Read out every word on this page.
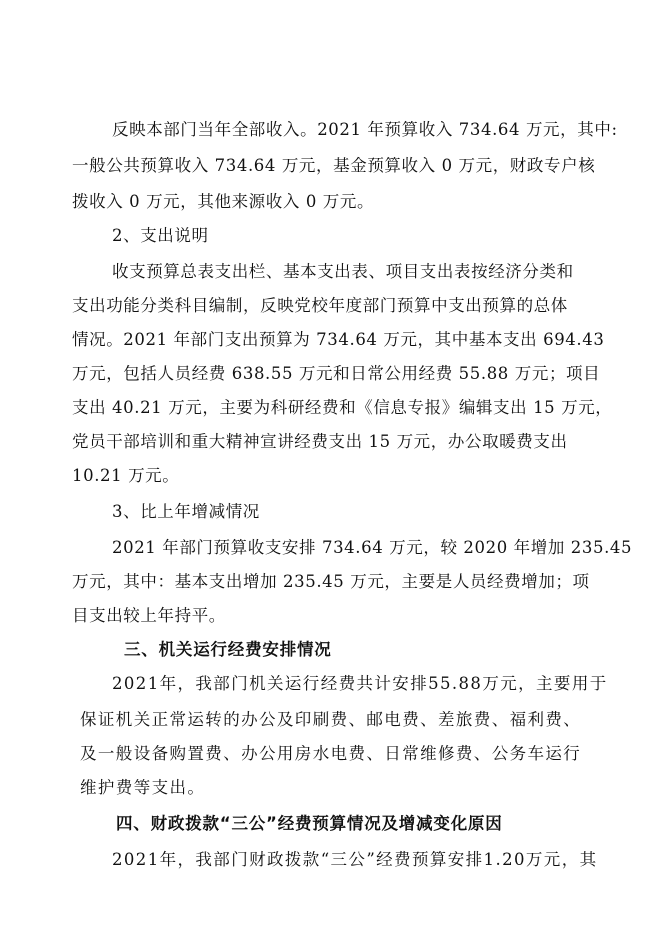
反映本部门当年全部收入。2021 年预算收入 734.64 万元，其中:
一般公共预算收入 734.64 万元，基金预算收入 0 万元，财政专户核
拨收入 0 万元，其他来源收入 0 万元。
2、支出说明
收支预算总表支出栏、基本支出表、项目支出表按经济分类和
支出功能分类科目编制，反映党校年度部门预算中支出预算的总体
情况。2021 年部门支出预算为 734.64 万元，其中基本支出 694.43
万元，包括人员经费 638.55 万元和日常公用经费 55.88 万元；项目
支出 40.21 万元，主要为科研经费和《信息专报》编辑支出 15 万元，
党员干部培训和重大精神宣讲经费支出 15 万元，办公取暖费支出
10.21 万元。
3、比上年增减情况
2021 年部门预算收支安排 734.64 万元，较 2020 年增加 235.45
万元，其中：基本支出增加 235.45 万元，主要是人员经费增加；项
目支出较上年持平。
三、机关运行经费安排情况
2021年，我部门机关运行经费共计安排55.88万元，主要用于
保证机关正常运转的办公及印刷费、邮电费、差旅费、福利费、
及一般设备购置费、办公用房水电费、日常维修费、公务车运行
维护费等支出。
四、财政拨款“三公”经费预算情况及增减变化原因
2021年，我部门财政拨款“三公”经费预算安排1.20万元，其
